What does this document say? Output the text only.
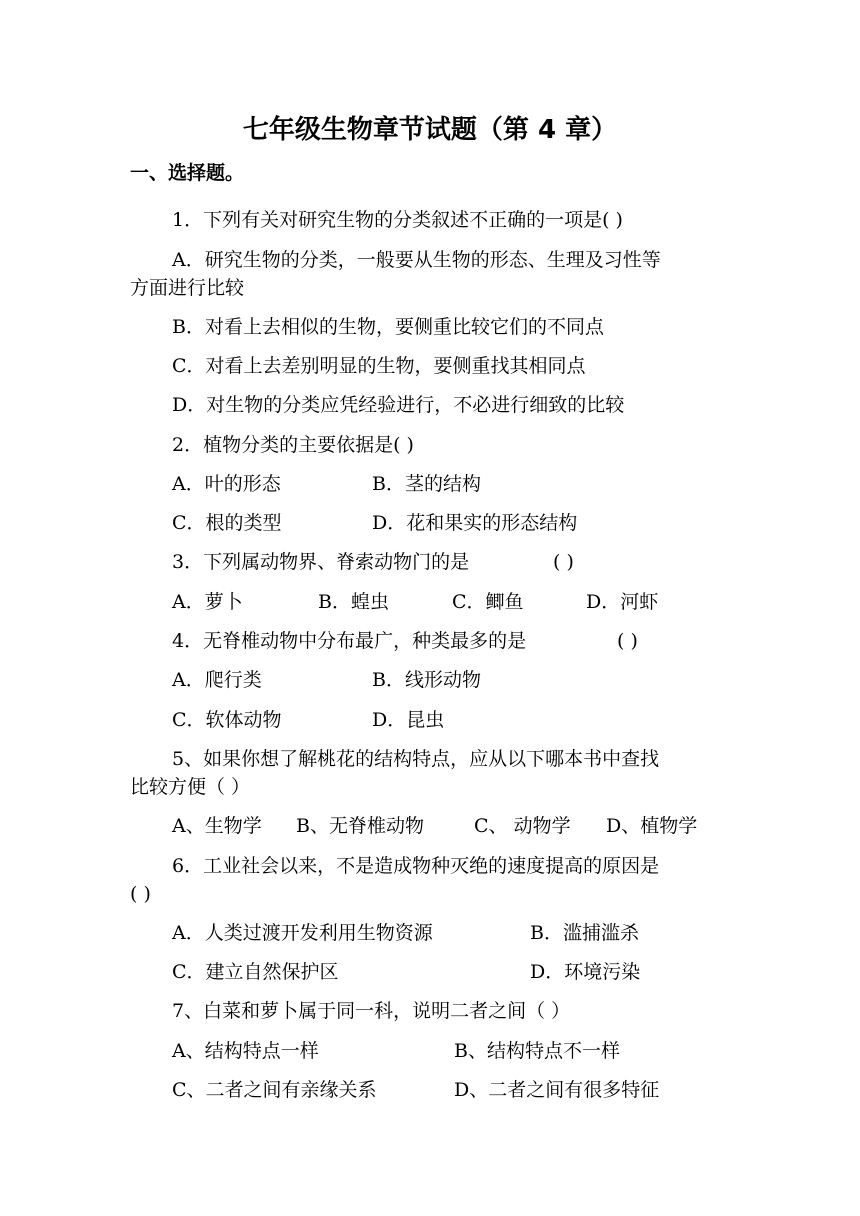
七年级生物章节试题（第 4 章）
一、选择题。
1．下列有关对研究生物的分类叙述不正确的一项是( )
A．研究生物的分类，一般要从生物的形态、生理及习性等
方面进行比较
B．对看上去相似的生物，要侧重比较它们的不同点
C．对看上去差别明显的生物，要侧重找其相同点
D．对生物的分类应凭经验进行，不必进行细致的比较
2．植物分类的主要依据是( )
A．叶的形态	B．茎的结构
C．根的类型	D．花和果实的形态结构
3．下列属动物界、脊索动物门的是	( )
A．萝卜	B．蝗虫	C．鲫鱼	D．河虾
4．无脊椎动物中分布最广，种类最多的是	( )
A．爬行类	B．线形动物
C．软体动物	D．昆虫
5、如果你想了解桃花的结构特点，应从以下哪本书中查找
比较方便（ ）
A、生物学 B、无脊椎动物	C、 动物学 D、植物学
6．工业社会以来，不是造成物种灭绝的速度提高的原因是
( )
A．人类过渡开发利用生物资源	B．滥捕滥杀
C．建立自然保护区	D．环境污染
7、白菜和萝卜属于同一科，说明二者之间（ ）
A、结构特点一样	B、结构特点不一样
C、二者之间有亲缘关系	D、二者之间有很多特征
